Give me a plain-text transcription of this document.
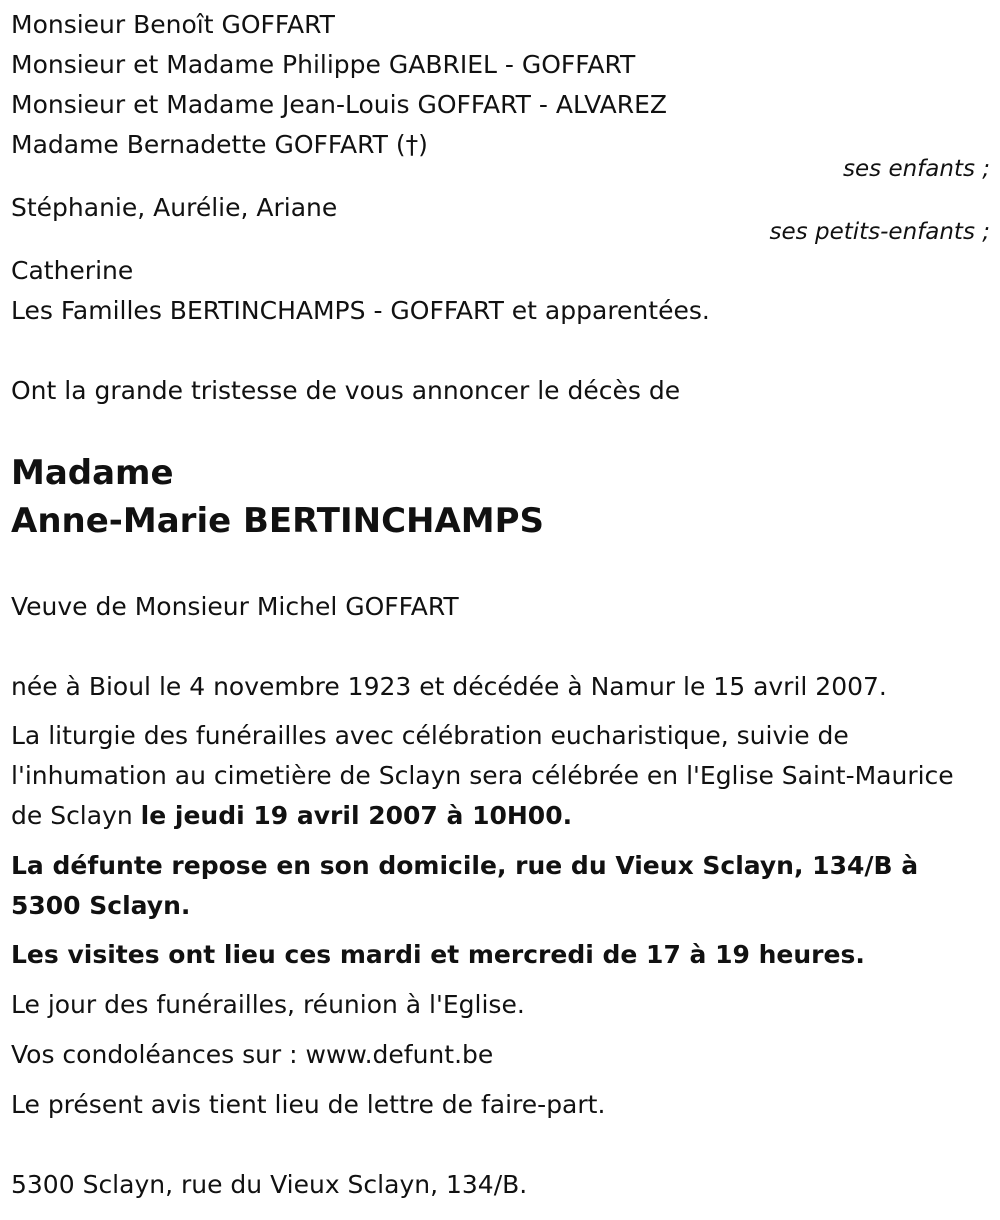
Monsieur Benoît GOFFART
Monsieur et Madame Philippe GABRIEL - GOFFART
Monsieur et Madame Jean-Louis GOFFART - ALVAREZ
Madame Bernadette GOFFART (†)
ses enfants ;
Stéphanie, Aurélie, Ariane
ses petits-enfants ;
Catherine
Les Familles BERTINCHAMPS - GOFFART et apparentées.
Ont la grande tristesse de vous annoncer le décès de
Madame
Anne-Marie BERTINCHAMPS
Veuve de Monsieur Michel GOFFART
née à Bioul le 4 novembre 1923 et décédée à Namur le 15 avril 2007.
La liturgie des funérailles avec célébration eucharistique, suivie de l'inhumation au cimetière de Sclayn sera célébrée en l'Eglise Saint-Maurice de Sclayn le jeudi 19 avril 2007 à 10H00.
La défunte repose en son domicile, rue du Vieux Sclayn, 134/B à 5300 Sclayn.
Les visites ont lieu ces mardi et mercredi de 17 à 19 heures.
Le jour des funérailles, réunion à l'Eglise.
Vos condoléances sur : www.defunt.be
Le présent avis tient lieu de lettre de faire-part.
5300 Sclayn, rue du Vieux Sclayn, 134/B.
